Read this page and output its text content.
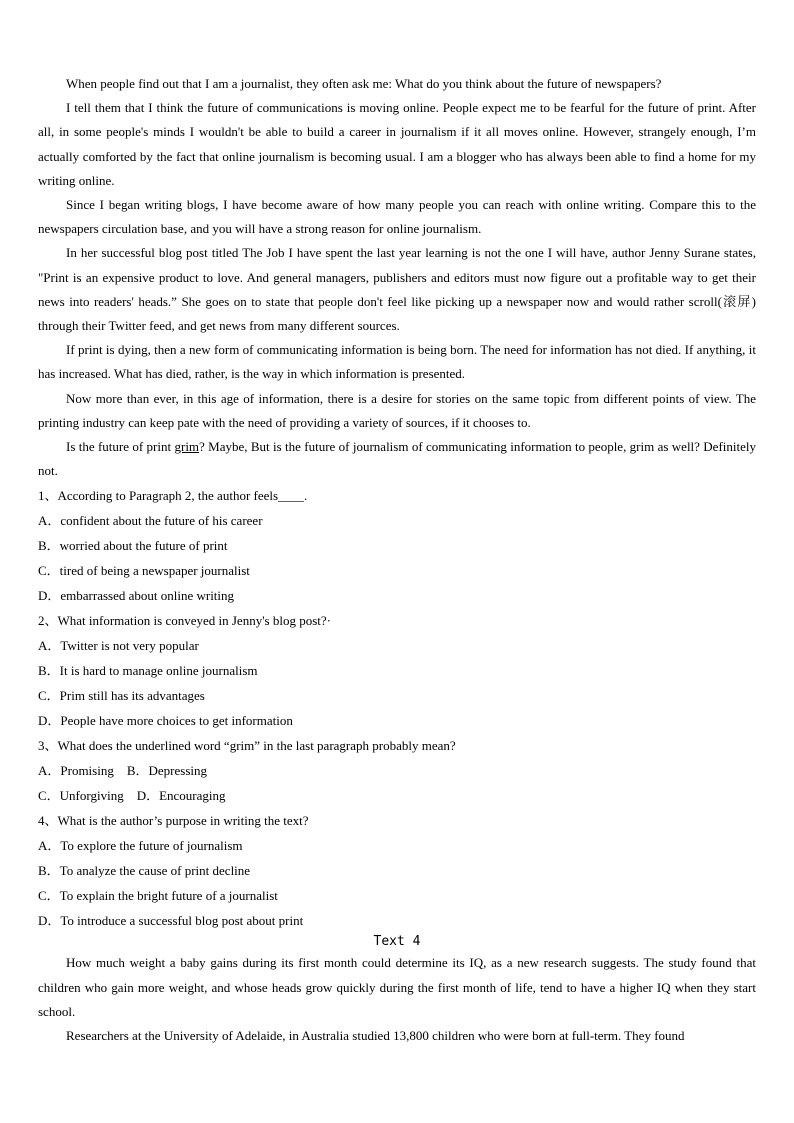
When people find out that I am a journalist, they often ask me: What do you think about the future of newspapers?

I tell them that I think the future of communications is moving online. People expect me to be fearful for the future of print. After all, in some people's minds I wouldn't be able to build a career in journalism if it all moves online. However, strangely enough, I’m actually comforted by the fact that online journalism is becoming usual. I am a blogger who has always been able to find a home for my writing online.

Since I began writing blogs, I have become aware of how many people you can reach with online writing. Compare this to the newspapers circulation base, and you will have a strong reason for online journalism.

In her successful blog post titled The Job I have spent the last year learning is not the one I will have, author Jenny Surane states, "Print is an expensive product to love. And general managers, publishers and editors must now figure out a profitable way to get their news into readers' heads.” She goes on to state that people don't feel like picking up a newspaper now and would rather scroll(滚屏) through their Twitter feed, and get news from many different sources.

If print is dying, then a new form of communicating information is being born. The need for information has not died. If anything, it has increased. What has died, rather, is the way in which information is presented.

Now more than ever, in this age of information, there is a desire for stories on the same topic from different points of view. The printing industry can keep pate with the need of providing a variety of sources, if it chooses to.

Is the future of print grim? Maybe, But is the future of journalism of communicating information to people, grim as well? Definitely not.

1、According to Paragraph 2, the author feels____.

A．confident about the future of his career

B．worried about the future of print

C．tired of being a newspaper journalist

D．embarrassed about online writing

2、What information is conveyed in Jenny's blog post?·

A．Twitter is not very popular

B．It is hard to manage online journalism

C．Prim still has its advantages

D．People have more choices to get information

3、What does the underlined word “grim” in the last paragraph probably mean?

A．Promising　B．Depressing

C．Unforgiving　D．Encouraging

4、What is the author’s purpose in writing the text?

A．To explore the future of journalism

B．To analyze the cause of print decline

C．To explain the bright future of a journalist

D．To introduce a successful blog post about print

Text 4

How much weight a baby gains during its first month could determine its IQ, as a new research suggests. The study found that children who gain more weight, and whose heads grow quickly during the first month of life, tend to have a higher IQ when they start school.

Researchers at the University of Adelaide, in Australia studied 13,800 children who were born at full-term. They found
